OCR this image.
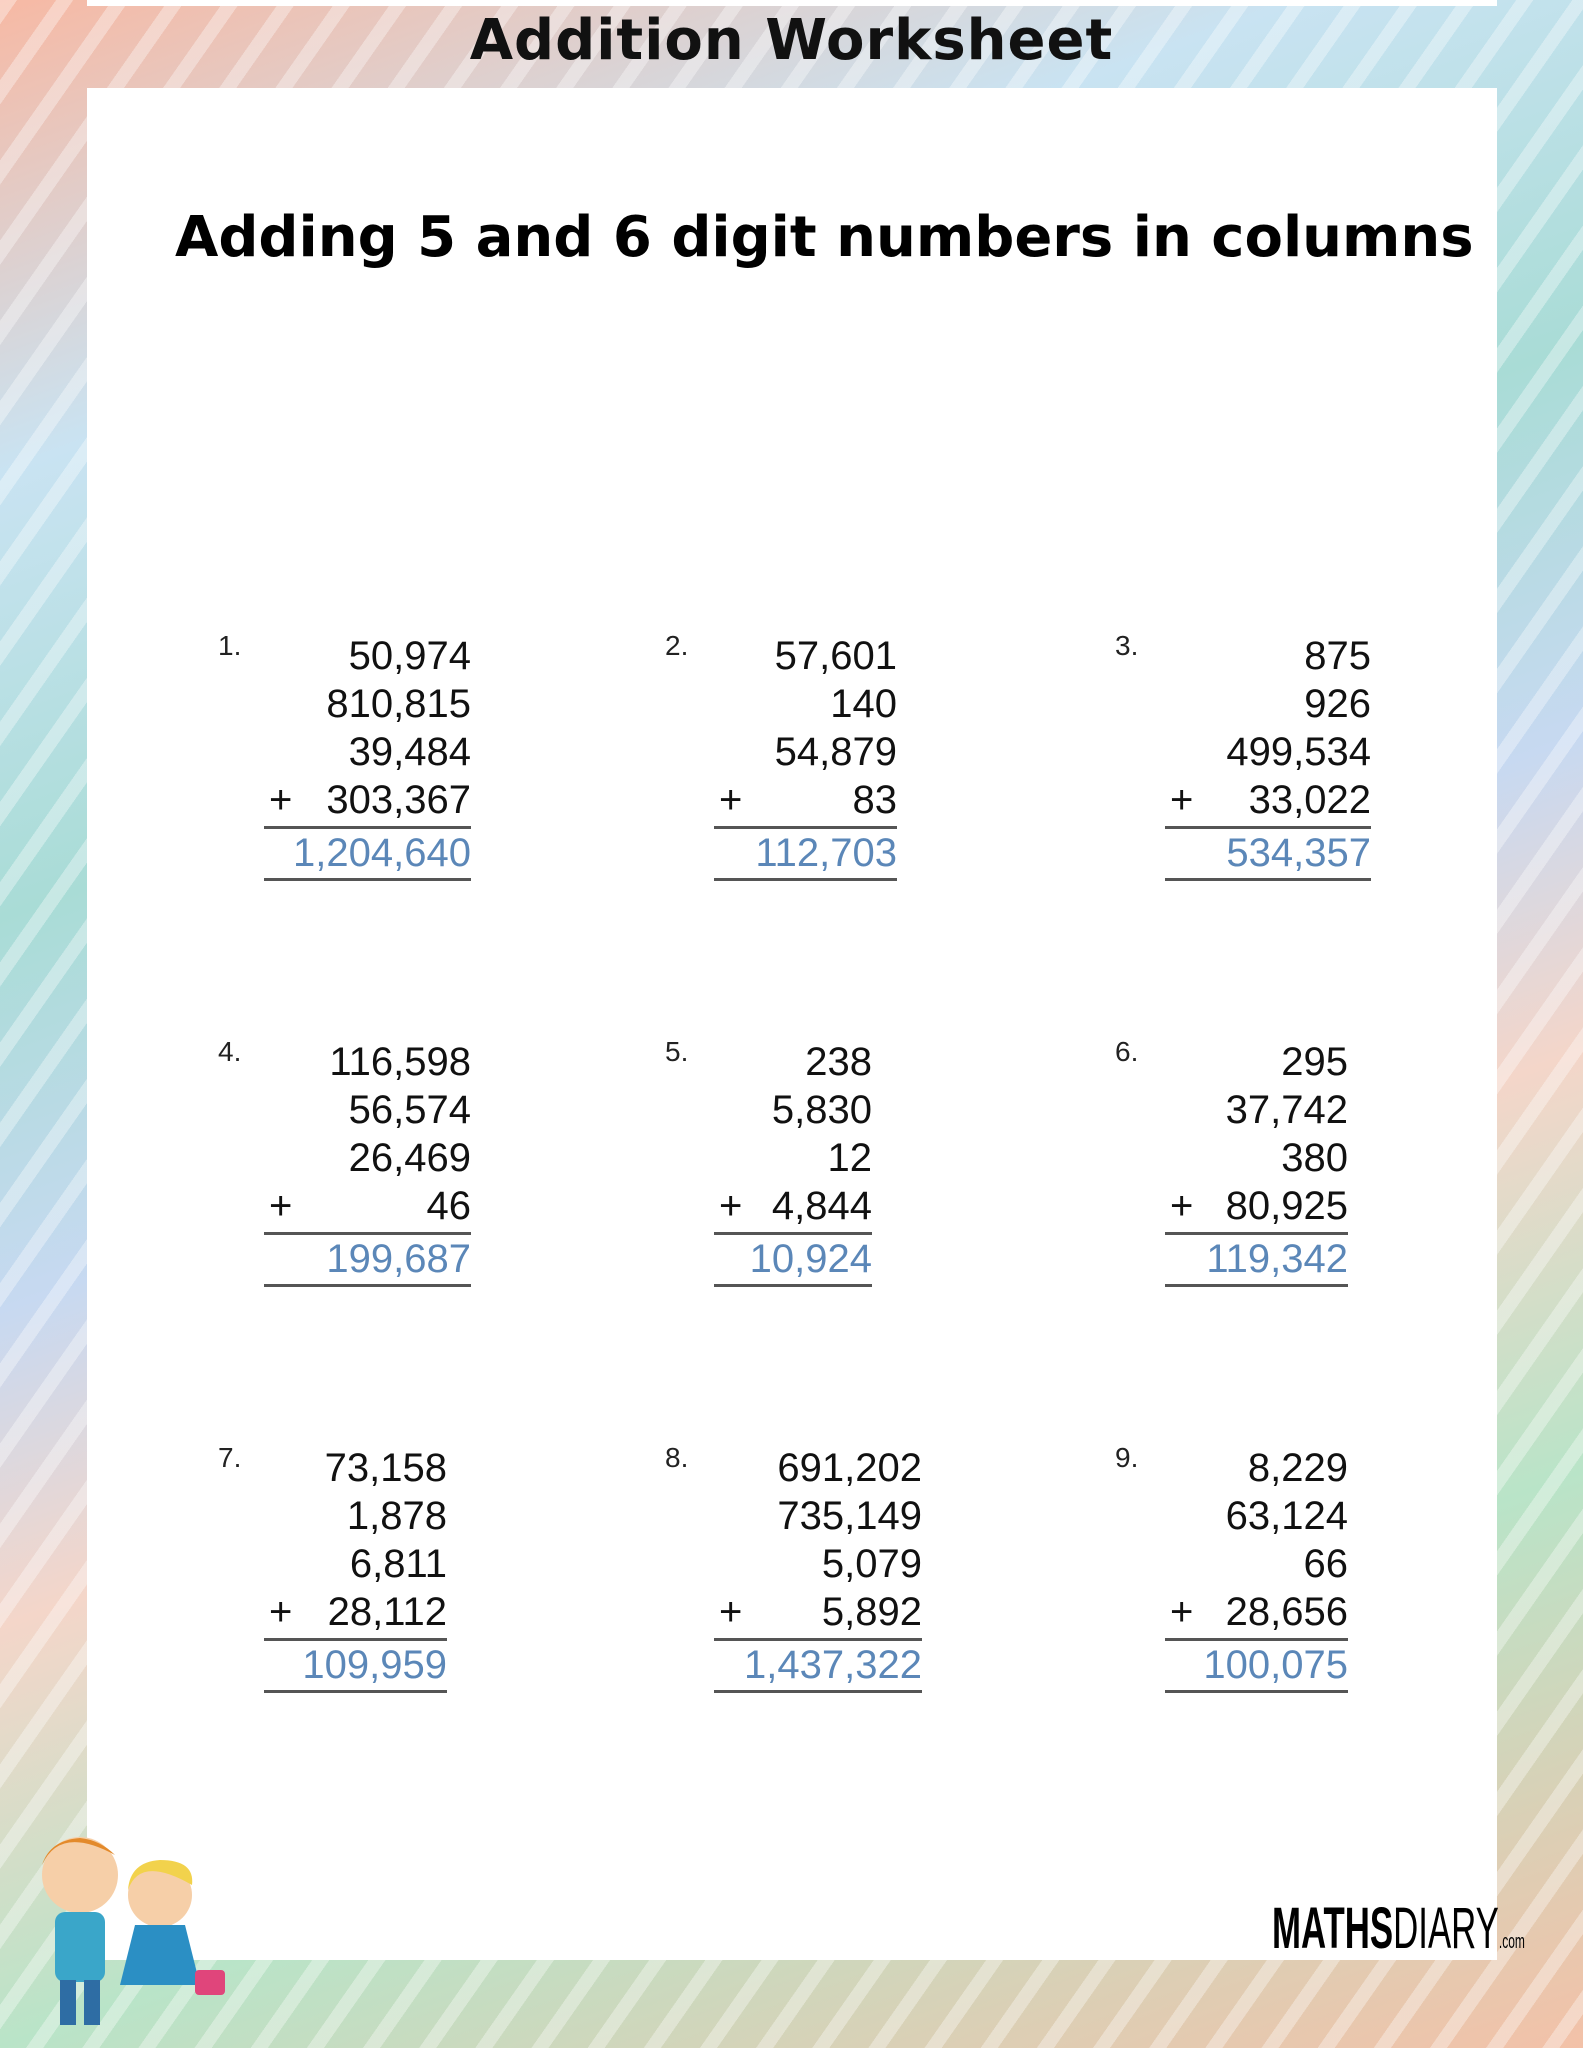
Addition Worksheet
Adding 5 and 6 digit numbers in columns
1.	50,974
810,815
39,484
303,367
+
1,204,640
2. 57,601
140
54,879
83
+
112,703
3.	875
926
499,534
33,022
+
534,357
4. 116,598
56,574
26,469
46
+
199,687
5.	238
5,830
12
4,844
+
10,924
6.	295
37,742
380
80,925
+
119,342
7. 73,158
1,878
6,811
28,112
+
109,959
8. 691,202
735,149
5,079
5,892
+
1,437,322
9.	8,229
63,124
66
28,656
+
100,075
MATHSDIARY.com
